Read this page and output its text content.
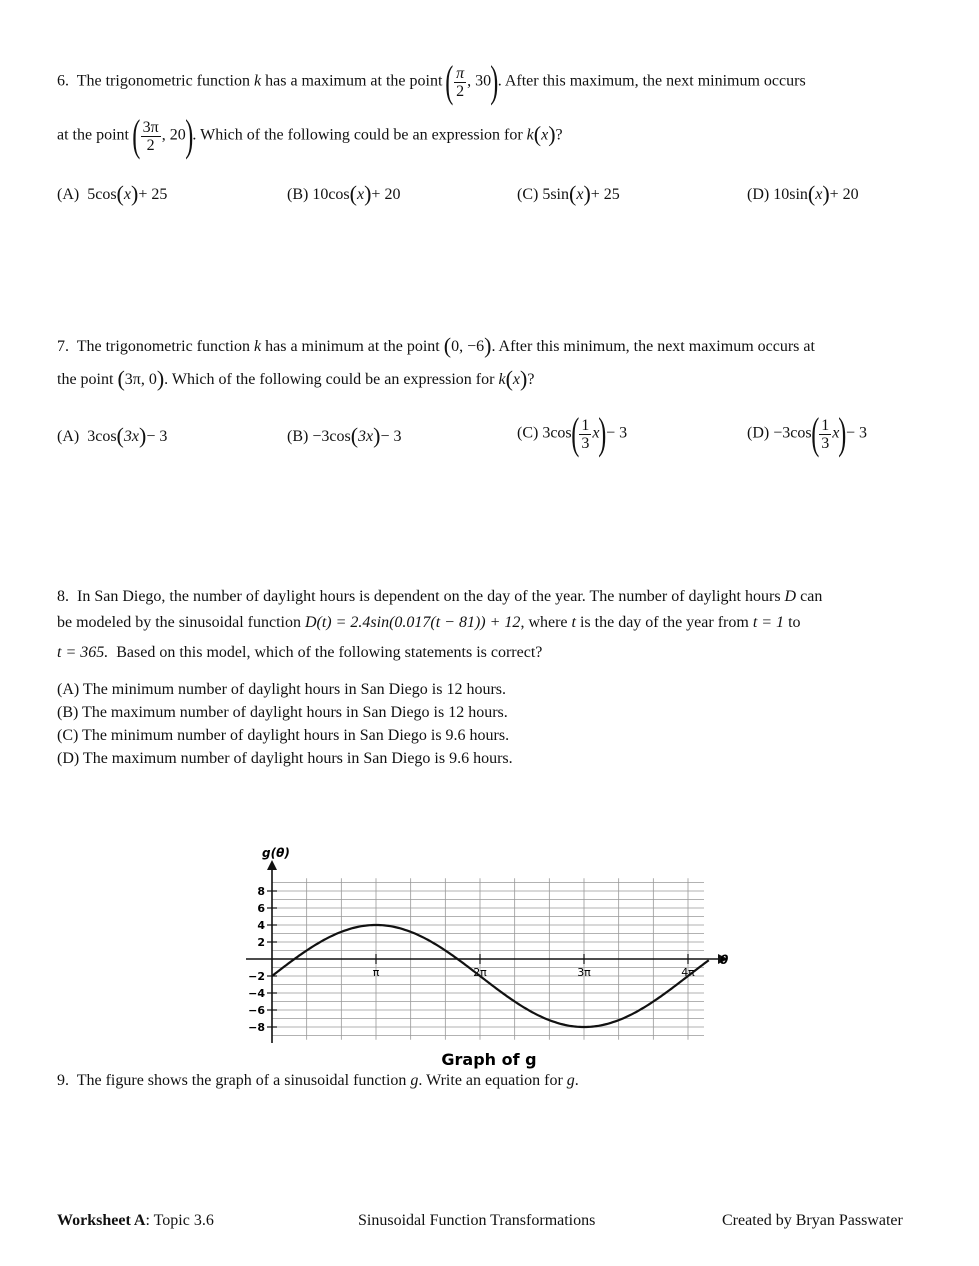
6. The trigonometric function k has a maximum at the point ( $\frac{\pi}{2}$ , 30). After this maximum, the next minimum occurs
at the point ( $\frac{3\pi}{2}$ , 20). Which of the following could be an expression for k(x)?
(A) 5cos(x)+ 25	(B) 10cos(x)+ 20	(C) 5sin(x)+ 25	(D) 10sin(x)+ 20
7. The trigonometric function k has a minimum at the point (0, −6). After this minimum, the next maximum occurs at
the point (3π, 0). Which of the following could be an expression for k(x)?
(A) 3cos(3x)− 3	(B) −3cos(3x)− 3	(C) $3\cos( \frac{1}{3} x)- 3$	$(D) -3\cos( \frac{1}{3} x)- 3$
8. In San Diego, the number of daylight hours is dependent on the day of the year. The number of daylight hours D can
be modeled by the sinusoidal function D(t) = 2.4sin(0.017(t − 81)) + 12, where t is the day of the year from t = 1 to
t = 365. Based on this model, which of the following statements is correct?
(A) The minimum number of daylight hours in San Diego is 12 hours.
(B) The maximum number of daylight hours in San Diego is 12 hours.
(C) The minimum number of daylight hours in San Diego is 9.6 hours.
(D) The maximum number of daylight hours in San Diego is 9.6 hours.
g(θ)
θ
8
6
4
2
−2
−4
−6
−8
π	2π	3π	4π
Graph of g
9. The figure shows the graph of a sinusoidal function g. Write an equation for g.
Worksheet A: Topic 3.6	Sinusoidal Function Transformations	Created by Bryan Passwater
